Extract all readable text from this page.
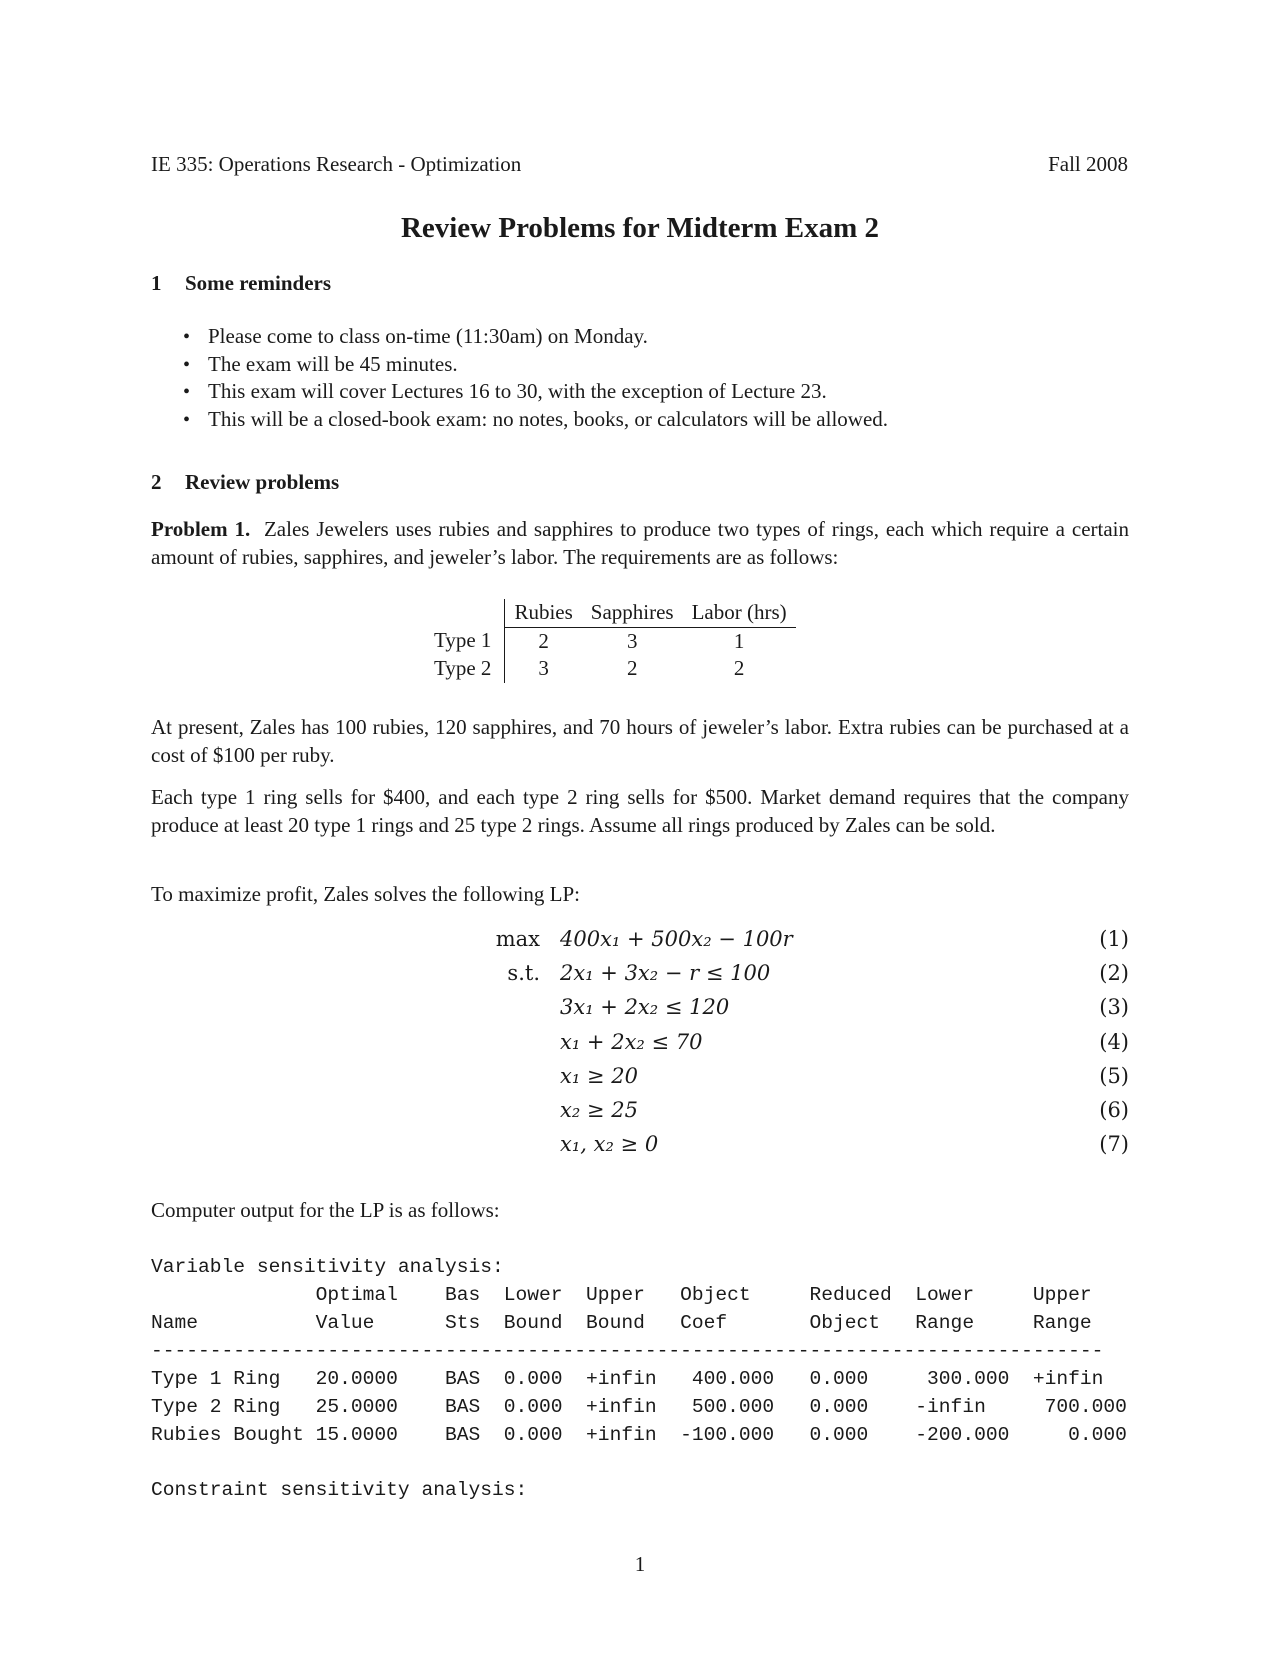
IE 335: Operations Research - Optimization	Fall 2008
Review Problems for Midterm Exam 2
1 Some reminders
• Please come to class on-time (11:30am) on Monday.
• The exam will be 45 minutes.
• This exam will cover Lectures 16 to 30, with the exception of Lecture 23.
• This will be a closed-book exam: no notes, books, or calculators will be allowed.
2 Review problems
Problem 1. Zales Jewelers uses rubies and sapphires to produce two types of rings, each which require a certain amount of rubies, sapphires, and jeweler’s labor. The requirements are as follows:
	Rubies	Sapphires	Labor (hrs)
Type 1	2	3	1
Type 2	3	2	2
At present, Zales has 100 rubies, 120 sapphires, and 70 hours of jeweler’s labor. Extra rubies can be purchased at a cost of $100 per ruby.
Each type 1 ring sells for $400, and each type 2 ring sells for $500. Market demand requires that the company produce at least 20 type 1 rings and 25 type 2 rings. Assume all rings produced by Zales can be sold.
To maximize profit, Zales solves the following LP:
max 400x₁ + 500x₂ − 100r	(1)
s.t. 2x₁ + 3x₂ − r ≤ 100	(2)
3x₁ + 2x₂ ≤ 120	(3)
x₁ + 2x₂ ≤ 70	(4)
x₁ ≥ 20	(5)
x₂ ≥ 25	(6)
x₁, x₂ ≥ 0	(7)
Computer output for the LP is as follows:
Variable sensitivity analysis:
Optimal    Bas  Lower  Upper   Object     Reduced  Lower     Upper
Name          Value      Sts  Bound  Bound   Coef       Object   Range     Range
---------------------------------------------------------------------------------
Type 1 Ring   20.0000    BAS  0.000  +infin   400.000   0.000     300.000  +infin
Type 2 Ring   25.0000    BAS  0.000  +infin   500.000   0.000    -infin     700.000
Rubies Bought 15.0000    BAS  0.000  +infin  -100.000   0.000    -200.000     0.000
Constraint sensitivity analysis:
1
